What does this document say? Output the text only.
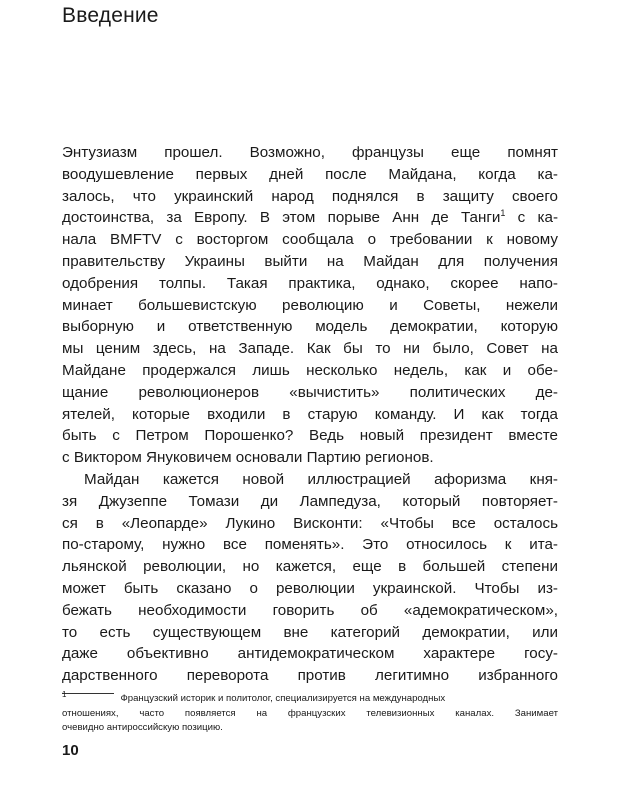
Введение
Энтузиазм прошел. Возможно, французы еще помнят
воодушевление первых дней после Майдана, когда ка-
залось, что украинский народ поднялся в защиту своего
достоинства, за Европу. В этом порыве Анн де Танги$^1$ с ка-
нала BMFTV с восторгом сообщала о требовании к новому
правительству Украины выйти на Майдан для получения
одобрения толпы. Такая практика, однако, скорее напо-
минает большевистскую революцию и Советы, нежели
выборную и ответственную модель демократии, которую
мы ценим здесь, на Западе. Как бы то ни было, Совет на
Майдане продержался лишь несколько недель, как и обе-
щание революционеров «вычистить» политических де-
ятелей, которые входили в старую команду. И как тогда
быть с Петром Порошенко? Ведь новый президент вместе
с Виктором Януковичем основали Партию регионов.
Майдан кажется новой иллюстрацией афоризма кня-
зя Джузеппе Томази ди Лампедуза, который повторяет-
ся в «Леопарде» Лукино Висконти: «Чтобы все осталось
по-старому, нужно все поменять». Это относилось к ита-
льянской революции, но кажется, еще в большей степени
может быть сказано о революции украинской. Чтобы из-
бежать необходимости говорить об «адемократическом»,
то есть существующем вне категорий демократии, или
даже объективно антидемократическом характере госу-
дарственного переворота против легитимно избранного
$^1$	Французский историк и политолог, специализируется на международных
отношениях, часто появляется на французских телевизионных каналах. Занимает
очевидно антироссийскую позицию.
10
